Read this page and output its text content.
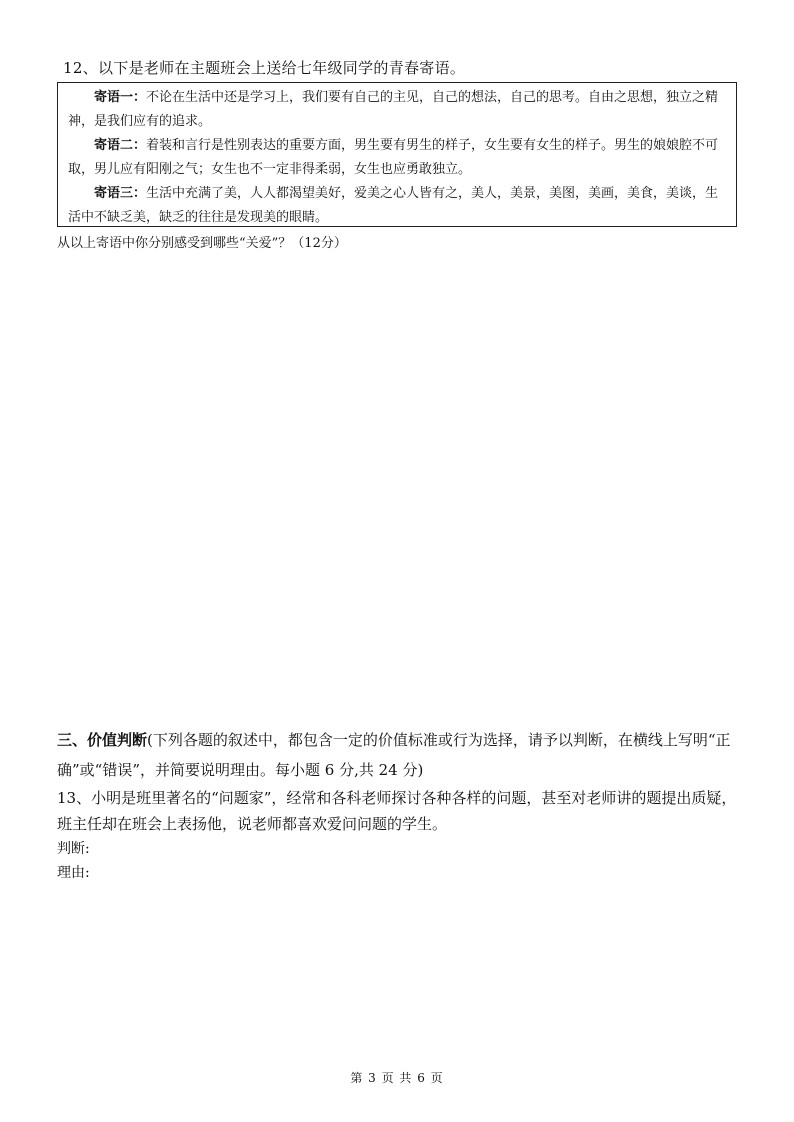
12、以下是老师在主题班会上送给七年级同学的青春寄语。

寄语一：不论在生活中还是学习上，我们要有自己的主见，自己的想法，自己的思考。自由之思想，独立之精神，是我们应有的追求。

寄语二：着装和言行是性别表达的重要方面，男生要有男生的样子，女生要有女生的样子。男生的娘娘腔不可取，男儿应有阳刚之气；女生也不一定非得柔弱，女生也应勇敢独立。

寄语三：生活中充满了美，人人都渴望美好，爱美之心人皆有之，美人，美景，美图，美画，美食，美谈，生活中不缺乏美，缺乏的往往是发现美的眼睛。

从以上寄语中你分别感受到哪些“关爱”？（12分）
三、价值判断(下列各题的叙述中，都包含一定的价值标准或行为选择，请予以判断，在横线上写明“正确”或“错误”，并简要说明理由。每小题 6 分,共 24 分)
13、小明是班里著名的“问题家”，经常和各科老师探讨各种各样的问题，甚至对老师讲的题提出质疑，班主任却在班会上表扬他，说老师都喜欢爱问问题的学生。
判断:
理由:
第 3 页 共 6 页
